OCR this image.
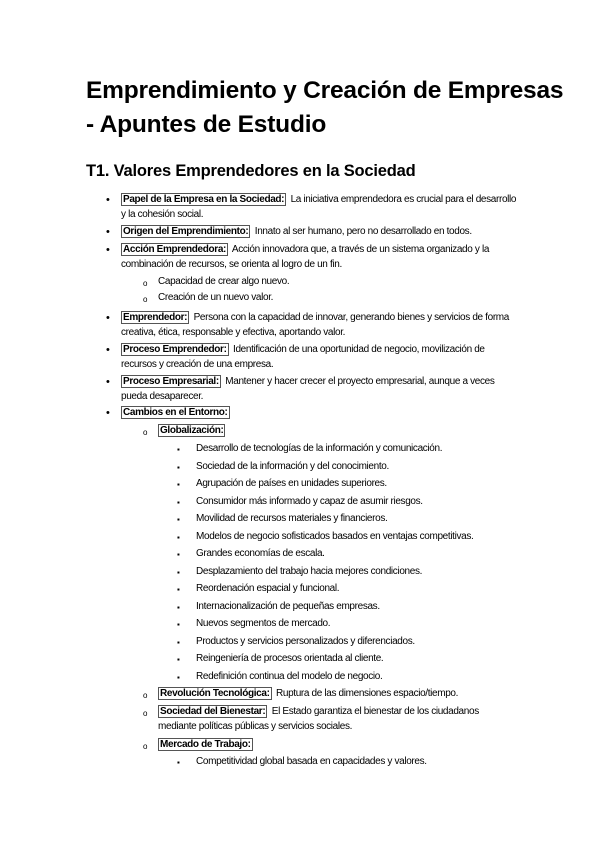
Emprendimiento y Creación de Empresas - Apuntes de Estudio
T1. Valores Emprendedores en la Sociedad
•
Papel de la Empresa en la Sociedad: La iniciativa emprendedora es crucial para el desarrollo y la cohesión social.
•
Origen del Emprendimiento: Innato al ser humano, pero no desarrollado en todos.
•
Acción Emprendedora: Acción innovadora que, a través de un sistema organizado y la combinación de recursos, se orienta al logro de un fin.
o
Capacidad de crear algo nuevo.
o
Creación de un nuevo valor.
•
Emprendedor: Persona con la capacidad de innovar, generando bienes y servicios de forma creativa, ética, responsable y efectiva, aportando valor.
•
Proceso Emprendedor: Identificación de una oportunidad de negocio, movilización de recursos y creación de una empresa.
•
Proceso Empresarial: Mantener y hacer crecer el proyecto empresarial, aunque a veces pueda desaparecer.
•
Cambios en el Entorno:
o
Globalización:
▪
Desarrollo de tecnologías de la información y comunicación.
▪
Sociedad de la información y del conocimiento.
▪
Agrupación de países en unidades superiores.
▪
Consumidor más informado y capaz de asumir riesgos.
▪
Movilidad de recursos materiales y financieros.
▪
Modelos de negocio sofisticados basados en ventajas competitivas.
▪
Grandes economías de escala.
▪
Desplazamiento del trabajo hacia mejores condiciones.
▪
Reordenación espacial y funcional.
▪
Internacionalización de pequeñas empresas.
▪
Nuevos segmentos de mercado.
▪
Productos y servicios personalizados y diferenciados.
▪
Reingeniería de procesos orientada al cliente.
▪
Redefinición continua del modelo de negocio.
o
Revolución Tecnológica: Ruptura de las dimensiones espacio/tiempo.
o
Sociedad del Bienestar: El Estado garantiza el bienestar de los ciudadanos mediante políticas públicas y servicios sociales.
o
Mercado de Trabajo:
▪
Competitividad global basada en capacidades y valores.
